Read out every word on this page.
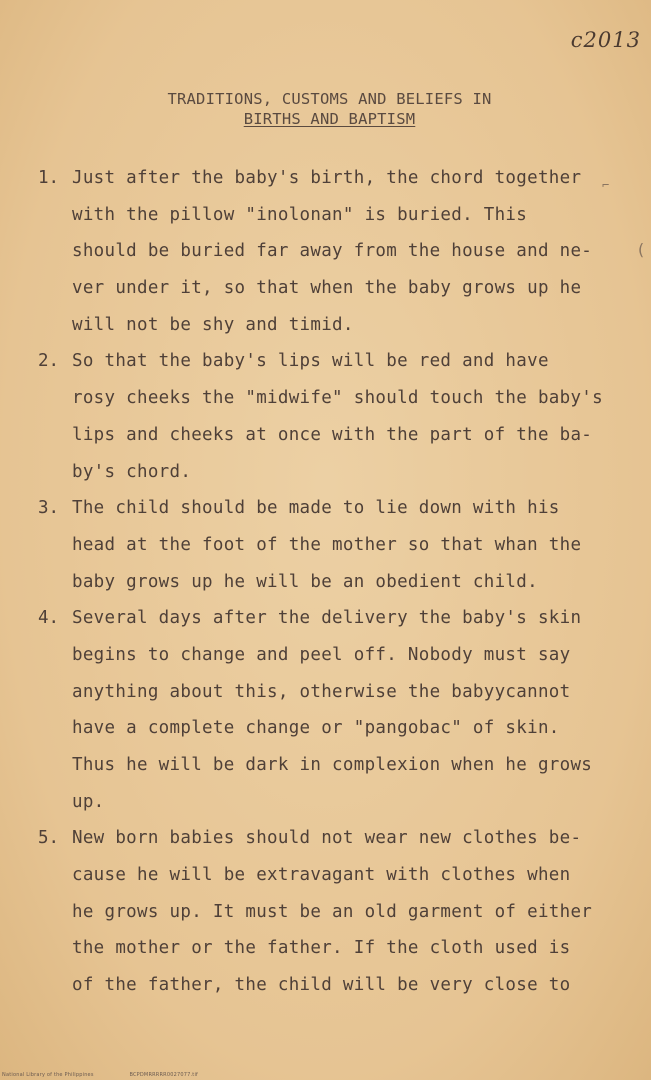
c2013
TRADITIONS, CUSTOMS AND BELIEFS IN
BIRTHS AND BAPTISM
1. Just after the baby's birth, the chord together
with the pillow "inolonan" is buried. This
should be buried far away from the house and ne-
ver under it, so that when the baby grows up he
will not be shy and timid.
2. So that the baby's lips will be red and have
rosy cheeks the "midwife" should touch the baby's
lips and cheeks at once with the part of the ba-
by's chord.
3. The child should be made to lie down with his
head at the foot of the mother so that whan the
baby grows up he will be an obedient child.
4. Several days after the delivery the baby's skin
begins to change and peel off. Nobody must say
anything about this, otherwise the babyycannot
have a complete change or "pangobac" of skin.
Thus he will be dark in complexion when he grows
up.
5. New born babies should not wear new clothes be-
cause he will be extravagant with clothes when
he grows up. It must be an old garment of either
the mother or the father. If the cloth used is
of the father, the child will be very close to
⌐
(
National Library of the Philippines	BCPDMRRRRR0027077.tif
